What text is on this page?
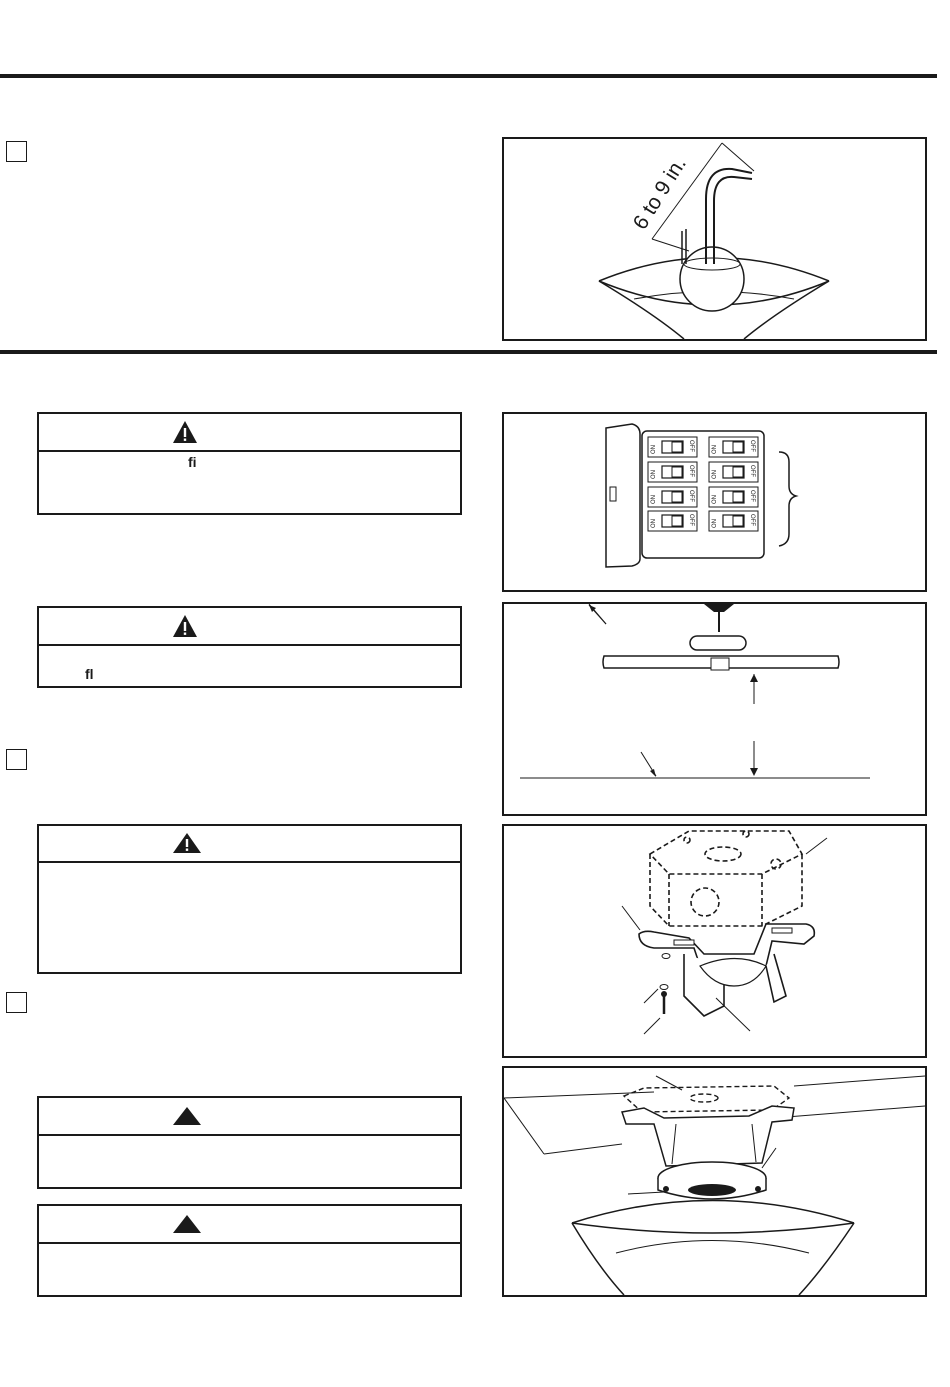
6 to 9 in.
fi
ON	OFF	ON	OFF
ON	OFF	ON	OFF
ON	OFF	ON	OFF
ON	OFF	ON	OFF
fl
